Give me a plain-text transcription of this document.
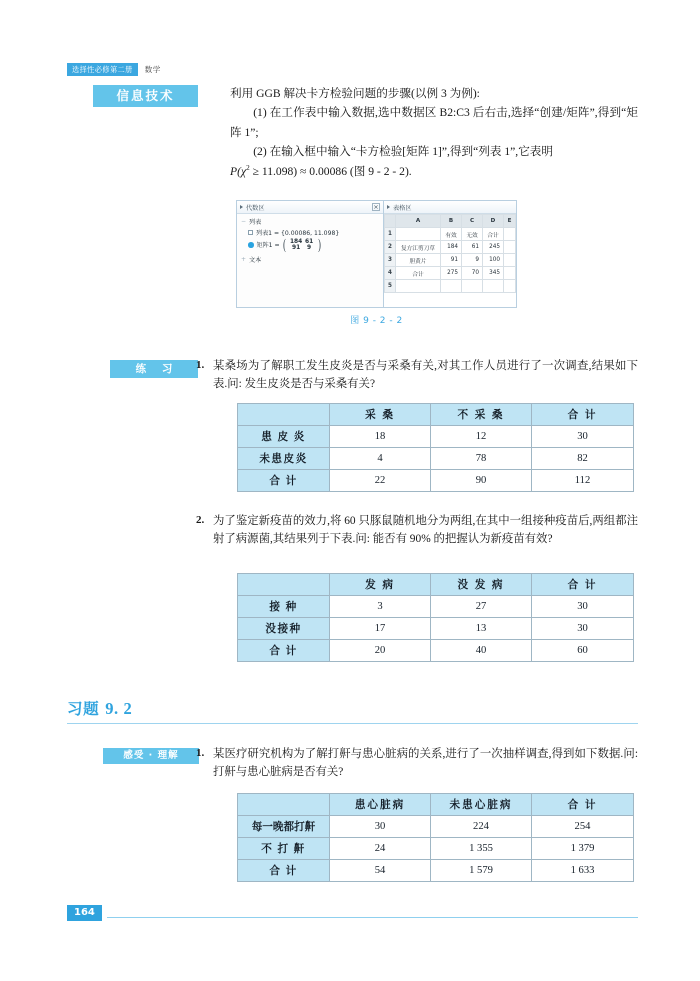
选择性必修第二册	数学
信息技术	利用 GGB 解决卡方检验问题的步骤(以例 3 为例):

(1) 在工作表中输入数据,选中数据区 B2:C3 后右击,选择“创建/矩阵”,得到“矩阵 1”;

(2) 在输入框中输入“卡方检验[矩阵 1]”,得到“列表 1”,它表明

$P(\chi^2 \ge 11.098) \approx 0.00086$ (图 9 - 2 - 2).

代数区	×
− 列表
列表1 = {0.00086, 11.098}
矩阵1 = ( 184 61
91	9 )
+ 文本
表格区
	A	B	C	D	E
1		有效	无效	合计	
2	复方江剪刀草	184	61	245	
3	胆黄片	91	9	100	
4	合计	275	70	345	
5					
图 9 - 2 - 2
练 习	1. 某桑场为了解职工发生皮炎是否与采桑有关,对其工作人员进行了一次调查,结果如下表.问: 发生皮炎是否与采桑有关?
	采 桑	不 采 桑	合 计
患 皮 炎	18	12	30
未患皮炎	4	78	82
合 计	22	90	112
2. 为了鉴定新疫苗的效力,将 60 只豚鼠随机地分为两组,在其中一组接种疫苗后,两组都注射了病源菌,其结果列于下表.问: 能否有 90% 的把握认为新疫苗有效?
	发 病	没 发 病	合 计
接 种	3	27	30
没接种	17	13	30
合 计	20	40	60
习题 9. 2
感受 · 理解	1. 某医疗研究机构为了解打鼾与患心脏病的关系,进行了一次抽样调查,得到如下数据.问: 打鼾与患心脏病是否有关?
	患心脏病	未患心脏病	合 计
每一晚都打鼾	30	224	254
不 打 鼾	24	1 355	1 379
合 计	54	1 579	1 633
164
